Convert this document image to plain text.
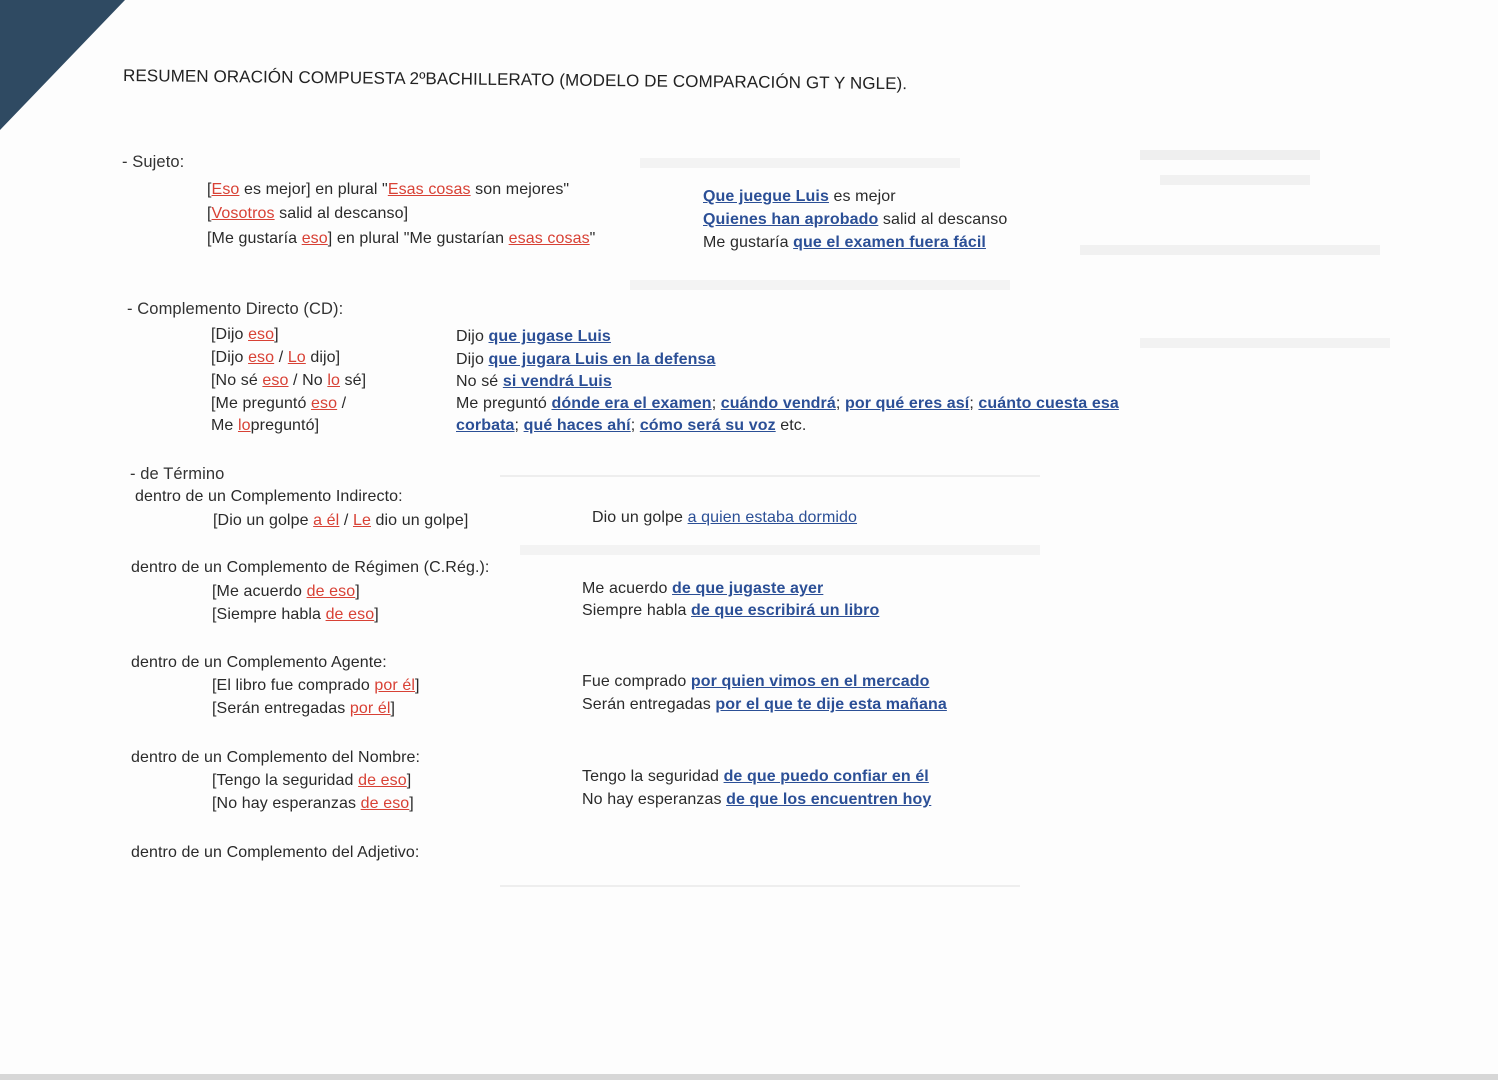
RESUMEN ORACIÓN COMPUESTA 2ºBACHILLERATO (MODELO DE COMPARACIÓN GT Y NGLE).
- Sujeto:
[Eso es mejor] en plural "Esas cosas son mejores"
[Vosotros salid al descanso]
[Me gustaría eso] en plural "Me gustarían esas cosas"
Que juegue Luis es mejor
Quienes han aprobado salid al descanso
Me gustaría que el examen fuera fácil
- Complemento Directo (CD):
[Dijo eso]
[Dijo eso / Lo dijo]
[No sé eso / No lo sé]
[Me preguntó eso /
Me lopreguntó]
Dijo que jugase Luis
Dijo que jugara Luis en la defensa
No sé si vendrá Luis
Me preguntó dónde era el examen; cuándo vendrá; por qué eres así; cuánto cuesta esa
corbata; qué haces ahí; cómo será su voz etc.
- de Término
dentro de un Complemento Indirecto:
[Dio un golpe a él / Le dio un golpe]	Dio un golpe a quien estaba dormido
dentro de un Complemento de Régimen (C.Rég.):
[Me acuerdo de eso]
[Siempre habla de eso]
Me acuerdo de que jugaste ayer
Siempre habla de que escribirá un libro
dentro de un Complemento Agente:
[El libro fue comprado por él]
[Serán entregadas por él]
Fue comprado por quien vimos en el mercado
Serán entregadas por el que te dije esta mañana
dentro de un Complemento del Nombre:
[Tengo la seguridad de eso]
[No hay esperanzas de eso]
Tengo la seguridad de que puedo confiar en él
No hay esperanzas de que los encuentren hoy
dentro de un Complemento del Adjetivo:
